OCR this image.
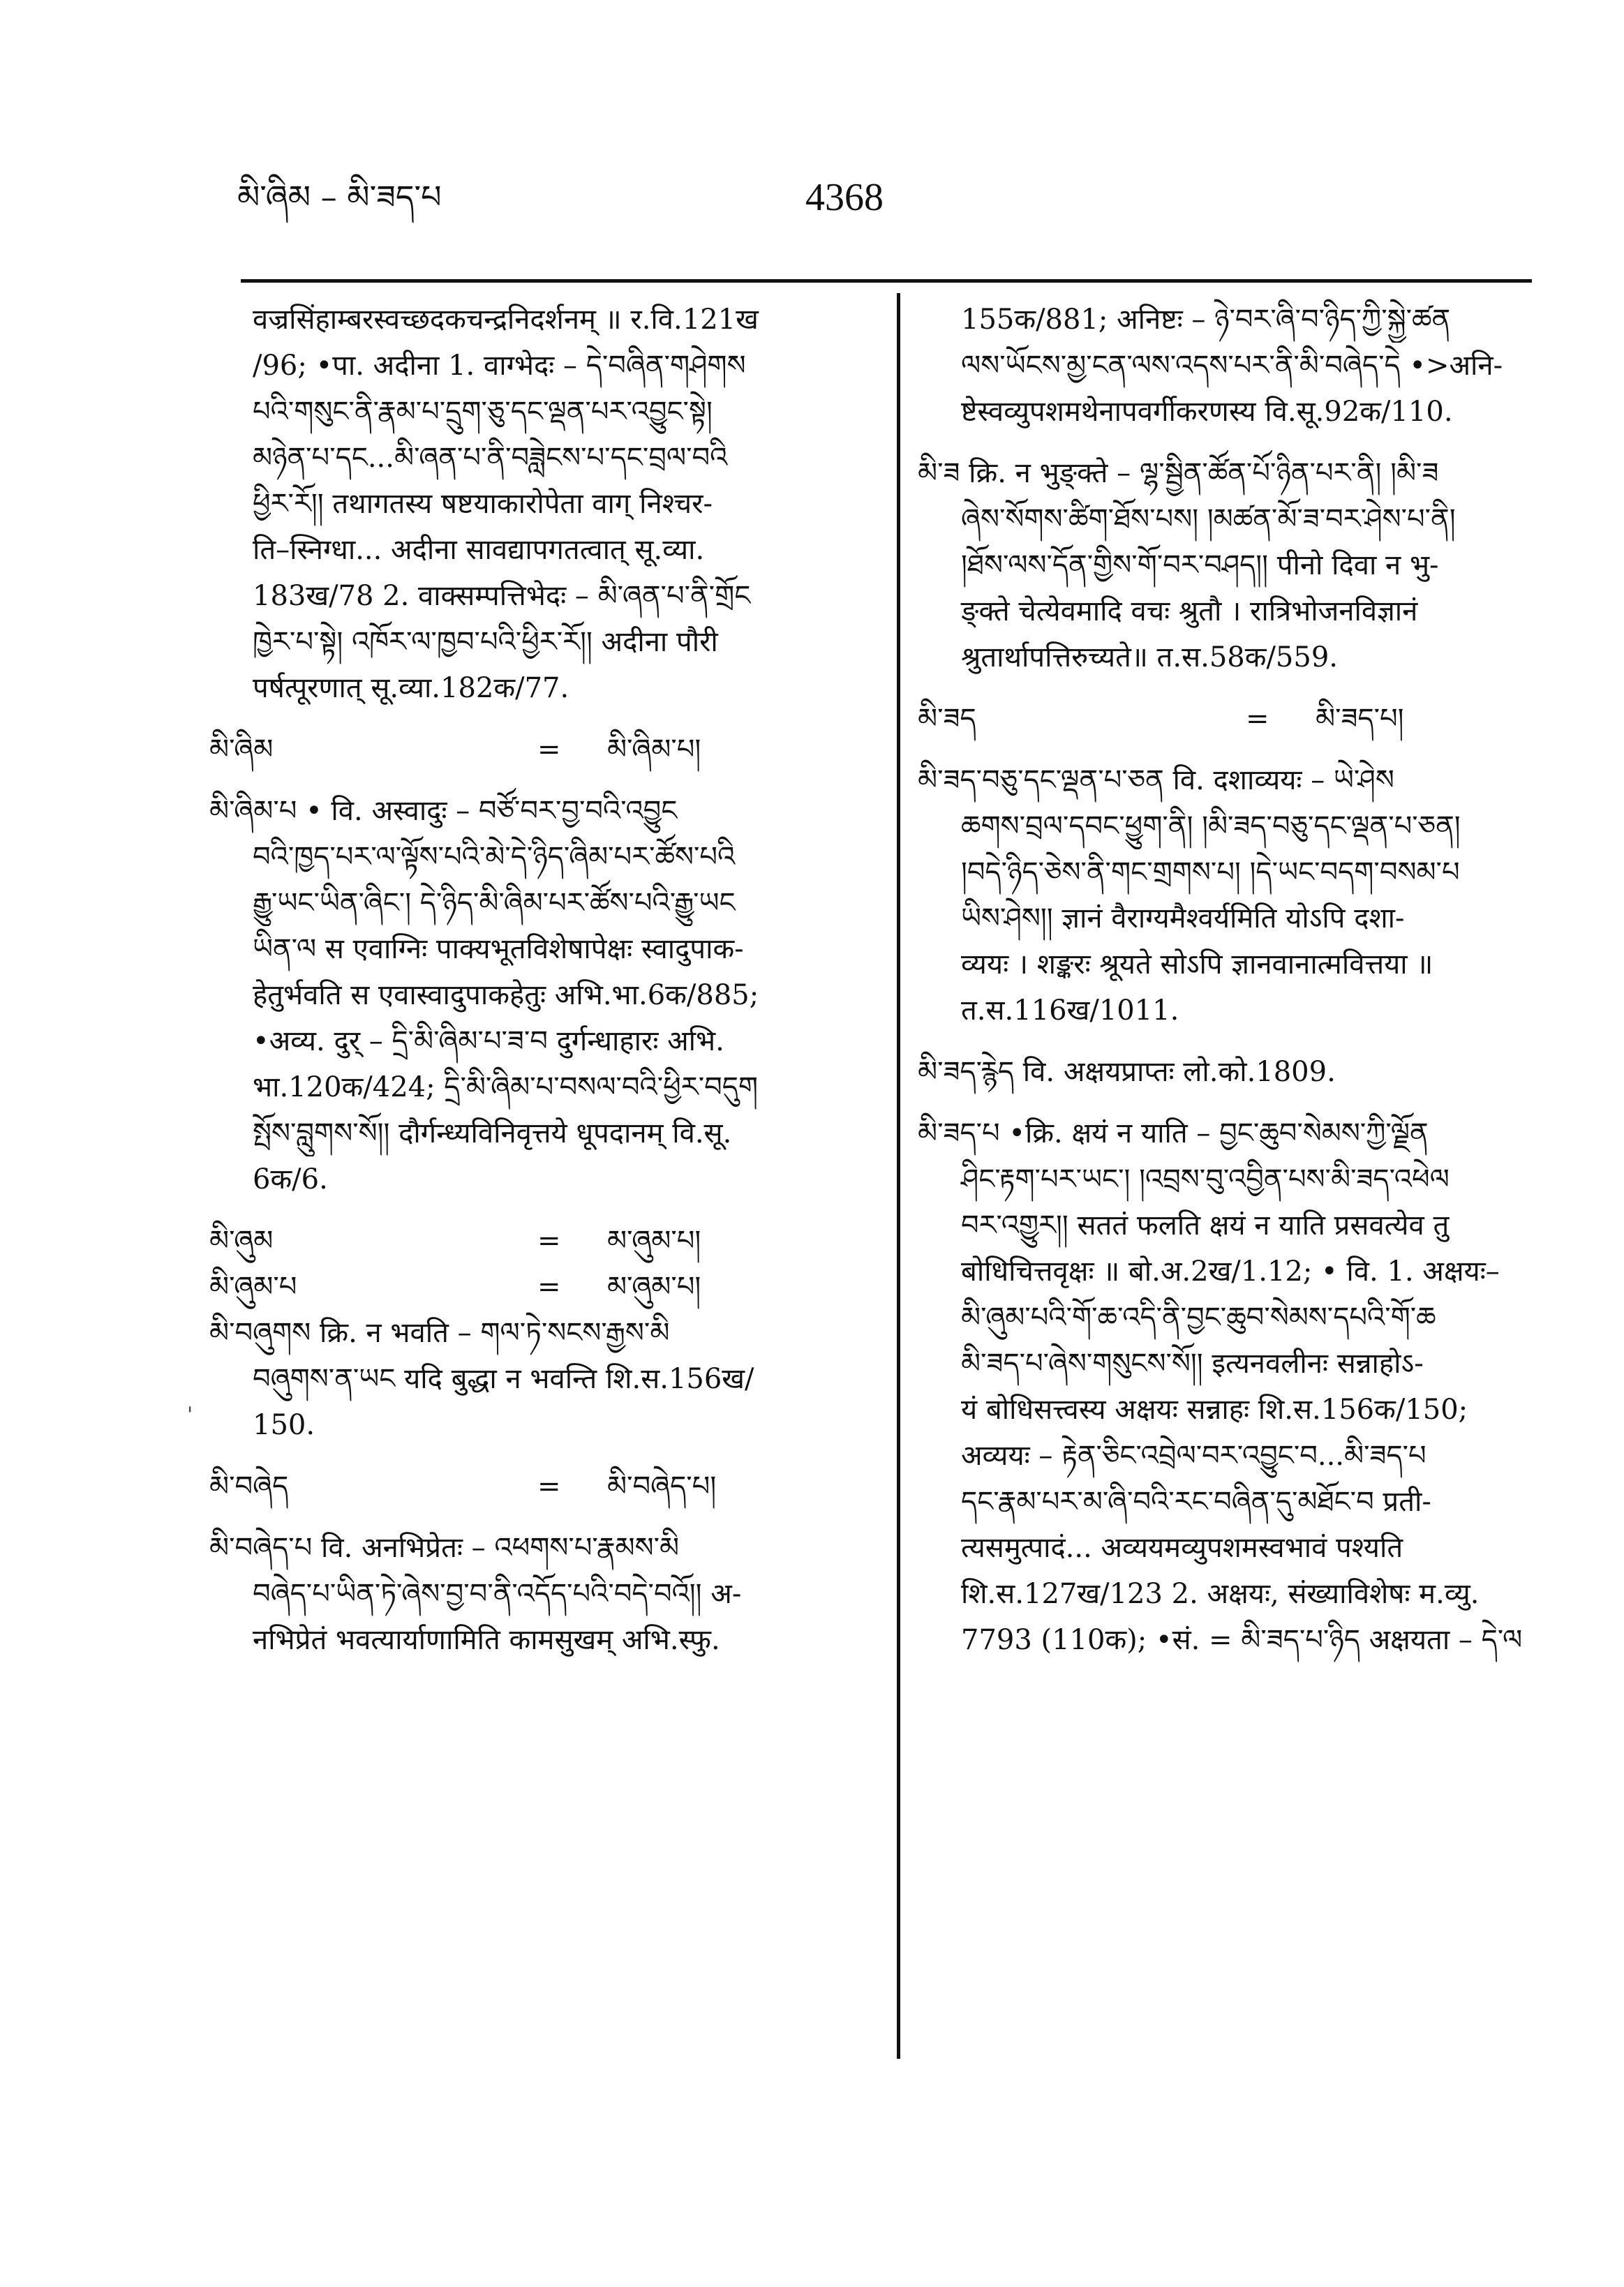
མི་ཞིམ – མི་ཟད་པ	4368
वज्रसिंहाम्बरस्वच्छदकचन्द्रनिदर्शनम् ॥ र.वि.121ख
/96; •पा. अदीना 1. वाग्भेदः – དེ་བཞིན་གཤེགས
པའི་གསུང་ནི་རྣམ་པ་དྲུག་ཅུ་དང་ལྡན་པར་འབྱུང་སྟེ།
མཉེན་པ་དང...མི་ཞན་པ་ནི་བཟླེངས་པ་དང་བྲལ་བའི
ཕྱིར་རོ།། तथागतस्य षष्टयाकारोपेता वाग् निश्चर-
ति–स्निग्धा... अदीना सावद्यापगतत्वात् सू.व्या.
183ख/78 2. वाक्सम्पत्तिभेदः – མི་ཞན་པ་ནི་གྲོང
ཁྱེར་པ་སྟེ། འཁོར་ལ་ཁྱབ་པའི་ཕྱིར་རོ།། अदीना पौरी
पर्षत्पूरणात् सू.व्या.182क/77.
མི་ཞིམ	=	མི་ཞིམ་པ།
མི་ཞིམ་པ • वि. अस्वादुः – བཙོ་བར་བྱ་བའི་འབྱུང
བའི་ཁྱད་པར་ལ་ལྟོས་པའི་མེ་དེ་ཉིད་ཞིམ་པར་ཚོས་པའི
རྒྱུ་ཡང་ཡིན་ཞིང་། དེ་ཉིད་མི་ཞིམ་པར་ཚོས་པའི་རྒྱུ་ཡང
ཡིན་ལ स एवाग्निः पाक्यभूतविशेषापेक्षः स्वादुपाक-
हेतुर्भवति स एवास्वादुपाकहेतुः अभि.भा.6क/885;
•अव्य. दुर् – དྲི་མི་ཞིམ་པ་ཟ་བ दुर्गन्धाहारः अभि.
भा.120क/424; དྲི་མི་ཞིམ་པ་བསལ་བའི་ཕྱིར་བདུག
སྤོས་བླུགས་སོ།། दौर्गन्ध्यविनिवृत्तये धूपदानम् वि.सू.
6क/6.
མི་ཞུམ	=	མ་ཞུམ་པ།
མི་ཞུམ་པ	=	མ་ཞུམ་པ།
མི་བཞུགས क्रि. न भवति – གལ་ཏེ་སངས་རྒྱས་མི
བཞུགས་ན་ཡང यदि बुद्धा न भवन्ति शि.स.156ख/
150.
མི་བཞེད	=	མི་བཞེད་པ།
མི་བཞེད་པ वि. अनभिप्रेतः – འཕགས་པ་རྣམས་མི
བཞེད་པ་ཡིན་ཏེ་ཞེས་བྱ་བ་ནི་འདོད་པའི་བདེ་བའོ།། अ-
नभिप्रेतं भवत्यार्याणामिति कामसुखम् अभि.स्फु.
155क/881; अनिष्टः – ཉེ་བར་ཞི་བ་ཉིད་ཀྱི་སྐྱེ་ཚན
ལས་ཡོངས་མྱ་ངན་ལས་འདས་པར་ནི་མི་བཞེད་དེ •>अनि-
ष्टेस्वव्युपशमथेनापवर्गीकरणस्य वि.सू.92क/110.
མི་ཟ क्रि. न भुङ्क्ते – ལྷ་སྦྱིན་ཚོན་པོ་ཉིན་པར་ནི། །མི་ཟ
ཞེས་སོགས་ཚིག་ཐོས་པས། །མཚན་མོ་ཟ་བར་ཤེས་པ་ནི།
།ཐོས་ལས་དོན་གྱིས་གོ་བར་བཤད།། पीनो दिवा न भु-
ङ्क्ते चेत्येवमादि वचः श्रुतौ । रात्रिभोजनविज्ञानं
श्रुतार्थापत्तिरुच्यते॥ त.स.58क/559.
མི་ཟད	=	མི་ཟད་པ།
མི་ཟད་བཅུ་དང་ལྡན་པ་ཅན वि. दशाव्ययः – ཡེ་ཤེས
ཆགས་བྲལ་དབང་ཕྱུག་ནི། །མི་ཟད་བཅུ་དང་ལྡན་པ་ཅན།
།བདེ་ཉིད་ཅེས་ནི་གང་གྲགས་པ། །དེ་ཡང་བདག་བསམ་པ
ཡིས་ཤེས།། ज्ञानं वैराग्यमैश्वर्यमिति योऽपि दशा-
व्ययः । शङ्करः श्रूयते सोऽपि ज्ञानवानात्मवित्तया ॥
त.स.116ख/1011.
མི་ཟད་རྙེད वि. अक्षयप्राप्तः लो.को.1809.
མི་ཟད་པ •क्रि. क्षयं न याति – བྱང་ཆུབ་སེམས་ཀྱི་ལྗོན
ཤིང་རྟག་པར་ཡང་། །འབྲས་བུ་འབྱིན་པས་མི་ཟད་འཕེལ
བར་འགྱུར།། सततं फलति क्षयं न याति प्रसवत्येव तु
बोधिचित्तवृक्षः ॥ बो.अ.2ख/1.12; • वि. 1. अक्षयः–
མི་ཞུམ་པའི་གོ་ཆ་འདི་ནི་བྱང་ཆུབ་སེམས་དཔའི་གོ་ཆ
མི་ཟད་པ་ཞེས་གསུངས་སོ།། इत्यनवलीनः सन्नाहोऽ-
यं बोधिसत्त्वस्य अक्षयः सन्नाहः शि.स.156क/150;
अव्ययः – རྟེན་ཅིང་འབྲེལ་བར་འབྱུང་བ...མི་ཟད་པ
དང་རྣམ་པར་མ་ཞི་བའི་རང་བཞིན་དུ་མཐོང་བ प्रती-
त्यसमुत्पादं... अव्ययमव्युपशमस्वभावं पश्यति
शि.स.127ख/123 2. अक्षयः, संख्याविशेषः म.व्यु.
7793 (110क); •सं. = མི་ཟད་པ་ཉིད अक्षयता – དེ་ལ
'
